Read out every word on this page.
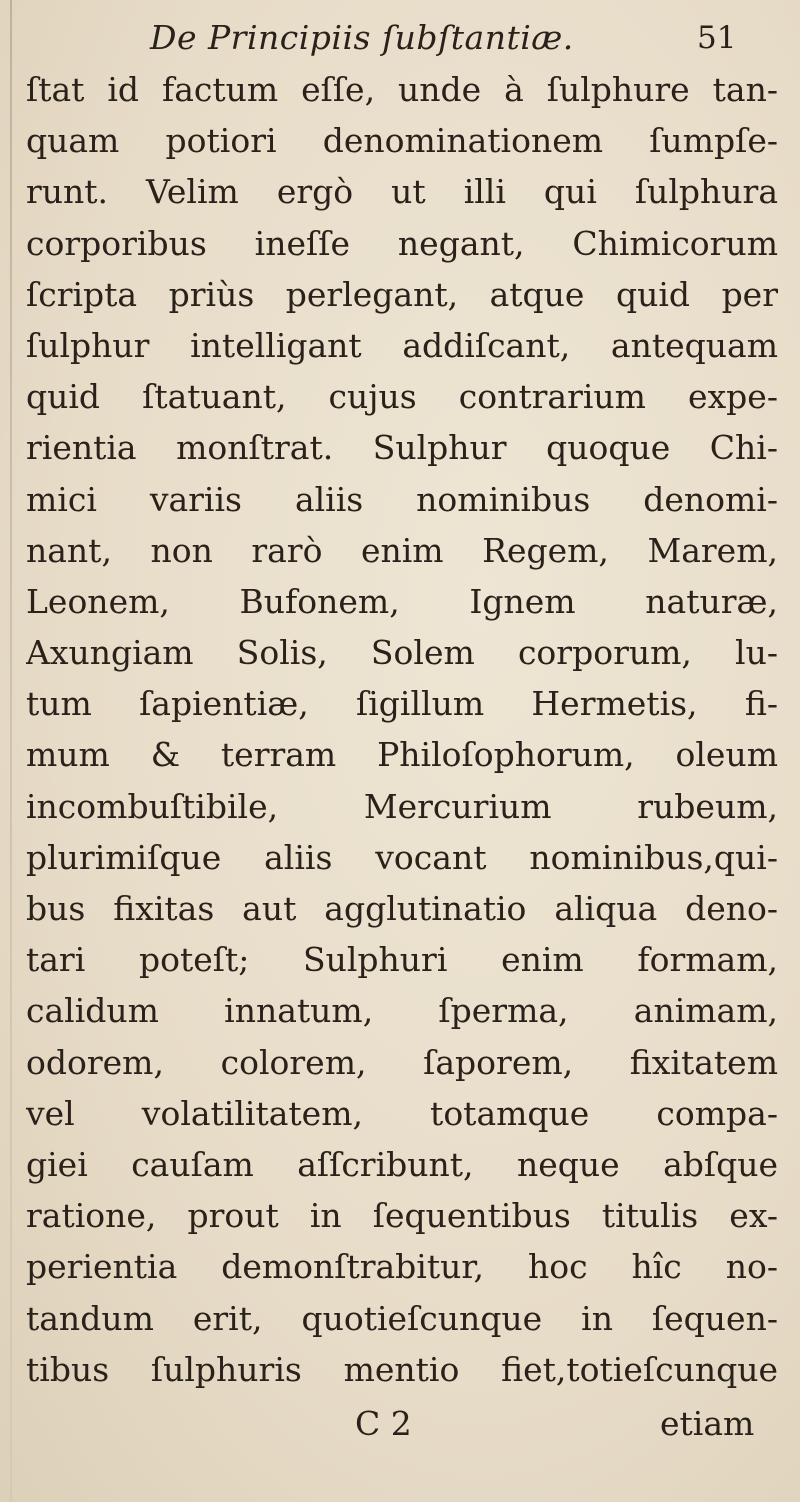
De Principiis ſubſtantiæ.	51
ſtat id factum eſſe, unde à ſulphure tan-
quam potiori denominationem ſumpſe-
runt. Velim ergò ut illi qui ſulphura
corporibus ineſſe negant, Chimicorum
ſcripta priùs perlegant, atque quid per
ſulphur intelligant addiſcant, antequam
quid ſtatuant, cujus contrarium expe-
rientia monſtrat. Sulphur quoque Chi-
mici variis aliis nominibus denomi-
nant, non rarò enim Regem, Marem,
Leonem, Bufonem, Ignem naturæ,
Axungiam Solis, Solem corporum, lu-
tum ſapientiæ, ſigillum Hermetis, fi-
mum & terram Philoſophorum, oleum
incombuſtibile, Mercurium rubeum,
plurimiſque aliis vocant nominibus,qui-
bus fixitas aut agglutinatio aliqua deno-
tari poteſt; Sulphuri enim formam,
calidum innatum, ſperma, animam,
odorem, colorem, ſaporem, fixitatem
vel volatilitatem, totamque compa-
giei cauſam aſſcribunt, neque abſque
ratione, prout in ſequentibus titulis ex-
perientia demonſtrabitur, hoc hîc no-
tandum erit, quotieſcunque in ſequen-
tibus ſulphuris mentio fiet,totieſcunque
C 2	etiam
